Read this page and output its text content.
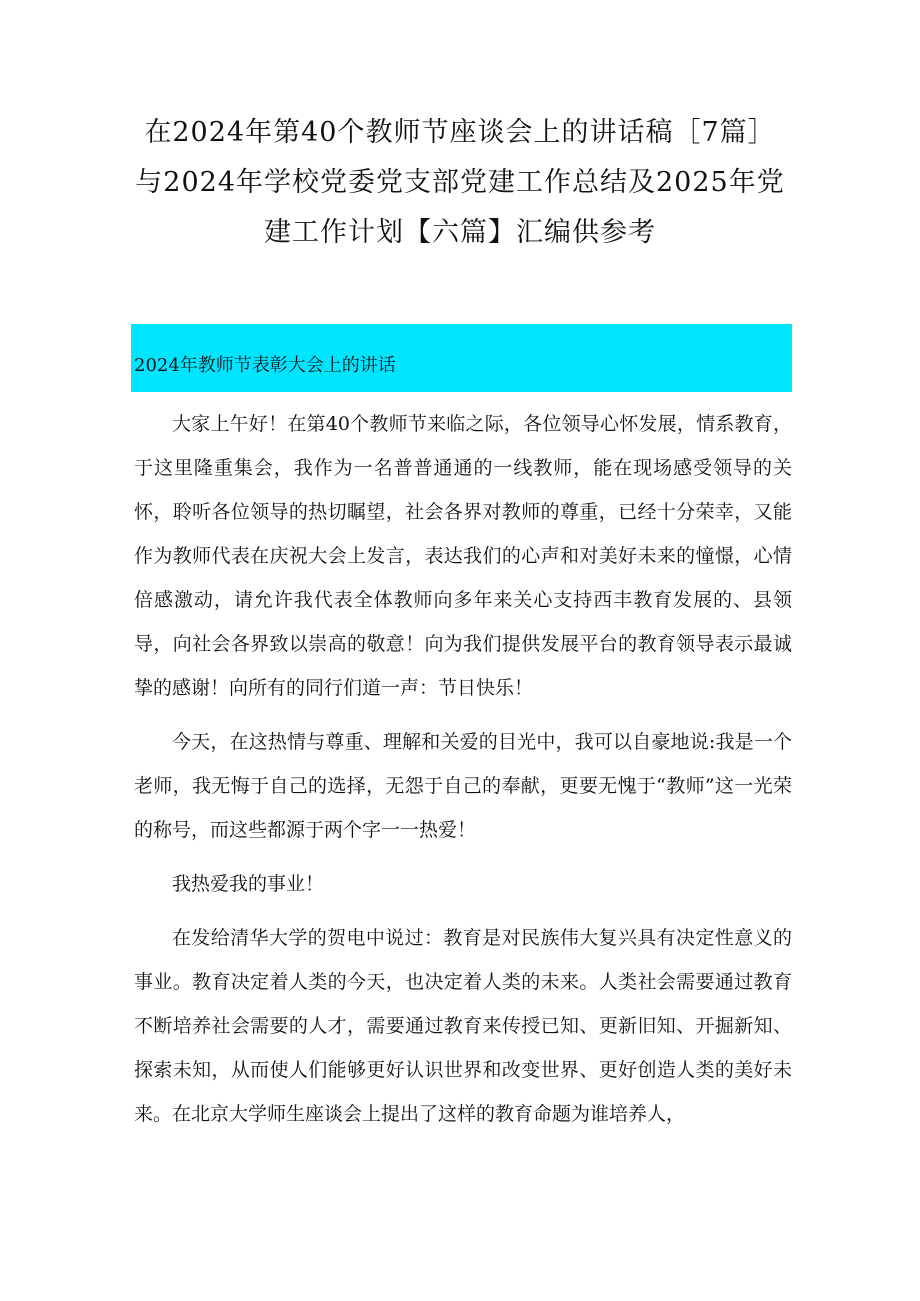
在2024年第40个教师节座谈会上的讲话稿［7篇］
与2024年学校党委党支部党建工作总结及2025年党
建工作计划【六篇】汇编供参考
2024年教师节表彰大会上的讲话

大家上午好！在第40个教师节来临之际，各位领导心怀发展，情系教育，于这里隆重集会，我作为一名普普通通的一线教师，能在现场感受领导的关怀，聆听各位领导的热切瞩望，社会各界对教师的尊重，已经十分荣幸，又能作为教师代表在庆祝大会上发言，表达我们的心声和对美好未来的憧憬，心情倍感激动，请允许我代表全体教师向多年来关心支持西丰教育发展的、县领导，向社会各界致以崇高的敬意！向为我们提供发展平台的教育领导表示最诚挚的感谢！向所有的同行们道一声：节日快乐！

今天，在这热情与尊重、理解和关爱的目光中，我可以自豪地说:我是一个老师，我无悔于自己的选择，无怨于自己的奉献，更要无愧于“教师”这一光荣的称号，而这些都源于两个字一一热爱！

我热爱我的事业！

在发给清华大学的贺电中说过：教育是对民族伟大复兴具有决定性意义的事业。教育决定着人类的今天，也决定着人类的未来。人类社会需要通过教育不断培养社会需要的人才，需要通过教育来传授已知、更新旧知、开掘新知、探索未知，从而使人们能够更好认识世界和改变世界、更好创造人类的美好未来。在北京大学师生座谈会上提出了这样的教育命题为谁培养人，
